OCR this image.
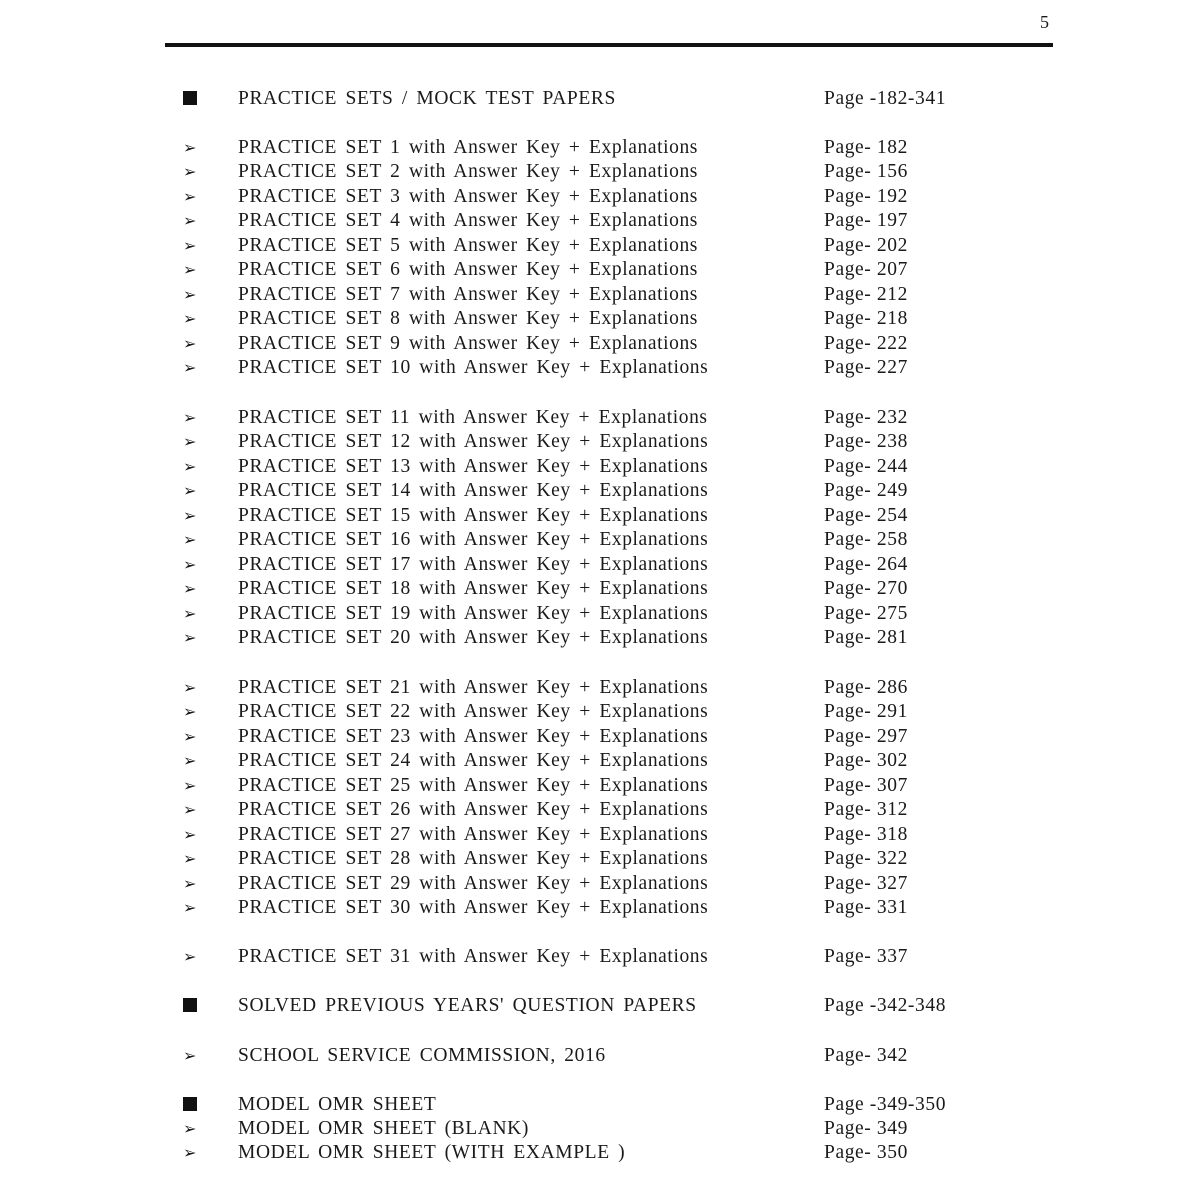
5
PRACTICE SETS / MOCK TEST PAPERS	Page -182-341
➢ PRACTICE SET 1 with Answer Key + Explanations	Page- 182
➢ PRACTICE SET 2 with Answer Key + Explanations	Page- 156
➢ PRACTICE SET 3 with Answer Key + Explanations	Page- 192
➢ PRACTICE SET 4 with Answer Key + Explanations	Page- 197
➢ PRACTICE SET 5 with Answer Key + Explanations	Page- 202
➢ PRACTICE SET 6 with Answer Key + Explanations	Page- 207
➢ PRACTICE SET 7 with Answer Key + Explanations	Page- 212
➢ PRACTICE SET 8 with Answer Key + Explanations	Page- 218
➢ PRACTICE SET 9 with Answer Key + Explanations	Page- 222
➢ PRACTICE SET 10 with Answer Key + Explanations	Page- 227
➢ PRACTICE SET 11 with Answer Key + Explanations	Page- 232
➢ PRACTICE SET 12 with Answer Key + Explanations	Page- 238
➢ PRACTICE SET 13 with Answer Key + Explanations	Page- 244
➢ PRACTICE SET 14 with Answer Key + Explanations	Page- 249
➢ PRACTICE SET 15 with Answer Key + Explanations	Page- 254
➢ PRACTICE SET 16 with Answer Key + Explanations	Page- 258
➢ PRACTICE SET 17 with Answer Key + Explanations	Page- 264
➢ PRACTICE SET 18 with Answer Key + Explanations	Page- 270
➢ PRACTICE SET 19 with Answer Key + Explanations	Page- 275
➢ PRACTICE SET 20 with Answer Key + Explanations	Page- 281
➢ PRACTICE SET 21 with Answer Key + Explanations	Page- 286
➢ PRACTICE SET 22 with Answer Key + Explanations	Page- 291
➢ PRACTICE SET 23 with Answer Key + Explanations	Page- 297
➢ PRACTICE SET 24 with Answer Key + Explanations	Page- 302
➢ PRACTICE SET 25 with Answer Key + Explanations	Page- 307
➢ PRACTICE SET 26 with Answer Key + Explanations	Page- 312
➢ PRACTICE SET 27 with Answer Key + Explanations	Page- 318
➢ PRACTICE SET 28 with Answer Key + Explanations	Page- 322
➢ PRACTICE SET 29 with Answer Key + Explanations	Page- 327
➢ PRACTICE SET 30 with Answer Key + Explanations	Page- 331
➢ PRACTICE SET 31 with Answer Key + Explanations	Page- 337
SOLVED PREVIOUS YEARS' QUESTION PAPERS	Page -342-348
➢ SCHOOL SERVICE COMMISSION, 2016	Page- 342
MODEL OMR SHEET	Page -349-350
➢ MODEL OMR SHEET (BLANK)	Page- 349
➢ MODEL OMR SHEET (WITH EXAMPLE )	Page- 350
